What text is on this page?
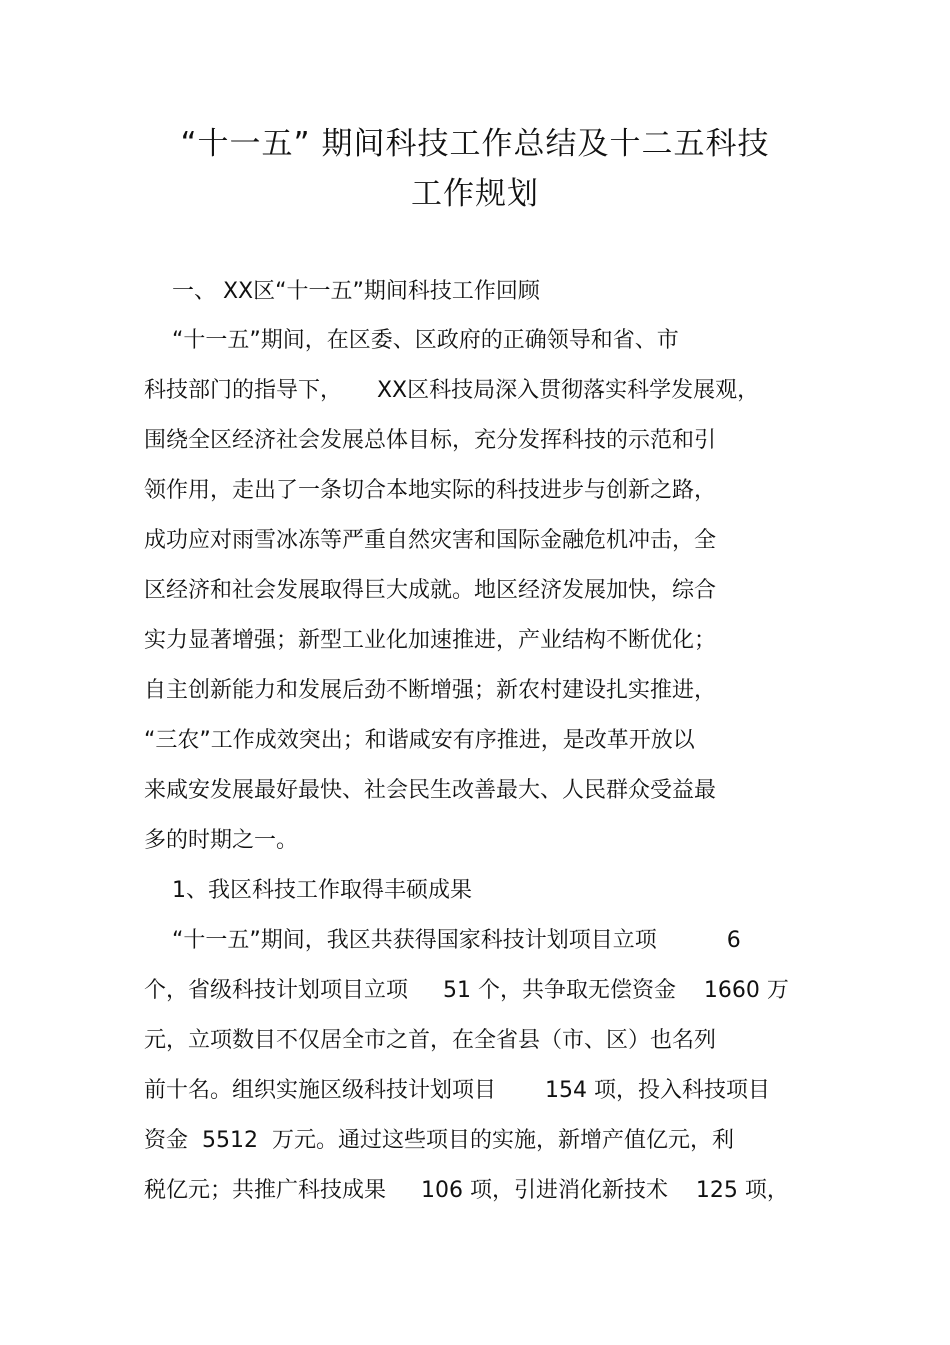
“十一五” 期间科技工作总结及十二五科技
工作规划
一、 XX区“十一五”期间科技工作回顾
“十一五”期间，在区委、区政府的正确领导和省、市
科技部门的指导下，     XX区科技局深入贯彻落实科学发展观，
围绕全区经济社会发展总体目标，充分发挥科技的示范和引
领作用，走出了一条切合本地实际的科技进步与创新之路，
成功应对雨雪冰冻等严重自然灾害和国际金融危机冲击，全
区经济和社会发展取得巨大成就。地区经济发展加快，综合
实力显著增强；新型工业化加速推进，产业结构不断优化；
自主创新能力和发展后劲不断增强；新农村建设扎实推进，
“三农”工作成效突出；和谐咸安有序推进，是改革开放以
来咸安发展最好最快、社会民生改善最大、人民群众受益最
多的时期之一。
1、我区科技工作取得丰硕成果
“十一五”期间，我区共获得国家科技计划项目立项          6
个，省级科技计划项目立项     51 个，共争取无偿资金    1660 万
元，立项数目不仅居全市之首，在全省县（市、区）也名列
前十名。组织实施区级科技计划项目       154 项，投入科技项目
资金  5512  万元。通过这些项目的实施，新增产值亿元，利
税亿元；共推广科技成果     106 项，引进消化新技术    125 项，
